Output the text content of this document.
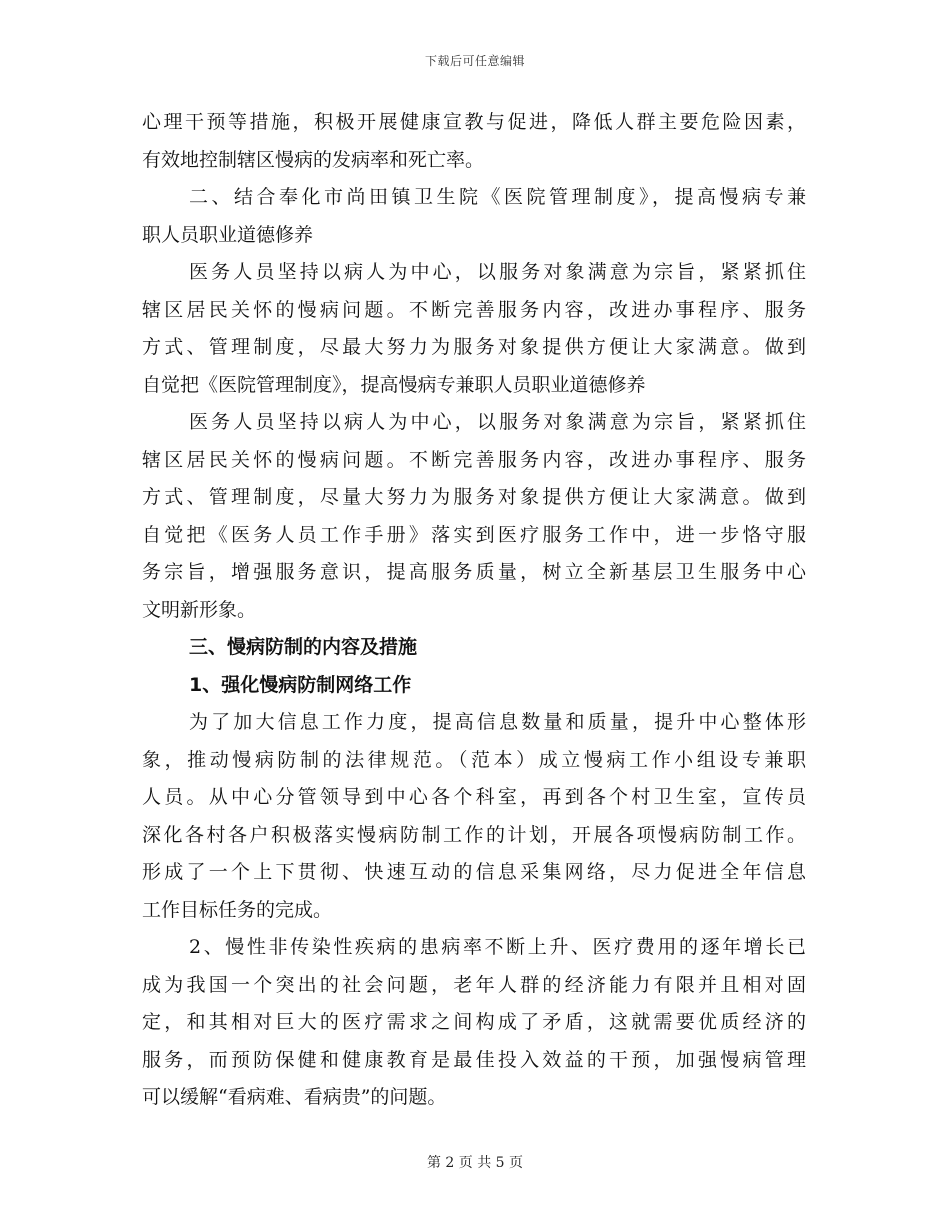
下载后可任意编辑
心理干预等措施，积极开展健康宣教与促进，降低人群主要危险因素，
有效地控制辖区慢病的发病率和死亡率。
二、结合奉化市尚田镇卫生院《医院管理制度》，提高慢病专兼
职人员职业道德修养
医务人员坚持以病人为中心，以服务对象满意为宗旨，紧紧抓住
辖区居民关怀的慢病问题。不断完善服务内容，改进办事程序、服务
方式、管理制度，尽最大努力为服务对象提供方便让大家满意。做到
自觉把《医院管理制度》，提高慢病专兼职人员职业道德修养
医务人员坚持以病人为中心，以服务对象满意为宗旨，紧紧抓住
辖区居民关怀的慢病问题。不断完善服务内容，改进办事程序、服务
方式、管理制度，尽量大努力为服务对象提供方便让大家满意。做到
自觉把《医务人员工作手册》落实到医疗服务工作中，进一步恪守服
务宗旨，增强服务意识，提高服务质量，树立全新基层卫生服务中心
文明新形象。
三、慢病防制的内容及措施
1、强化慢病防制网络工作
为了加大信息工作力度，提高信息数量和质量，提升中心整体形
象，推动慢病防制的法律规范。（范本）成立慢病工作小组设专兼职
人员。从中心分管领导到中心各个科室，再到各个村卫生室，宣传员
深化各村各户积极落实慢病防制工作的计划，开展各项慢病防制工作。
形成了一个上下贯彻、快速互动的信息采集网络，尽力促进全年信息
工作目标任务的完成。
2、慢性非传染性疾病的患病率不断上升、医疗费用的逐年增长已
成为我国一个突出的社会问题，老年人群的经济能力有限并且相对固
定，和其相对巨大的医疗需求之间构成了矛盾，这就需要优质经济的
服务，而预防保健和健康教育是最佳投入效益的干预，加强慢病管理
可以缓解“看病难、看病贵”的问题。
第 2 页 共 5 页
